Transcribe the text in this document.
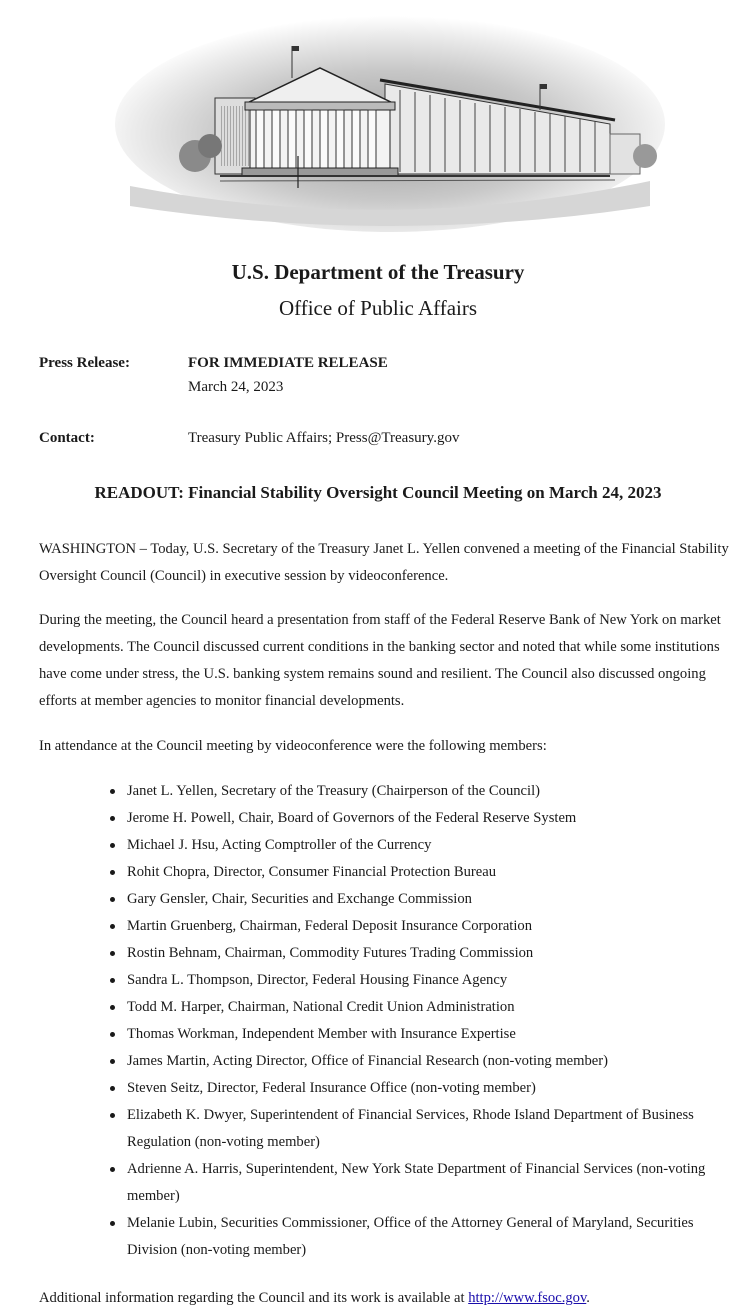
U.S. Department of the Treasury
Office of Public Affairs
Press Release:	FOR IMMEDIATE RELEASE
March 24, 2023
Contact:	Treasury Public Affairs; Press@Treasury.gov
READOUT: Financial Stability Oversight Council Meeting on March 24, 2023

WASHINGTON – Today, U.S. Secretary of the Treasury Janet L. Yellen convened a meeting of the Financial Stability Oversight Council (Council) in executive session by videoconference.

During the meeting, the Council heard a presentation from staff of the Federal Reserve Bank of New York on market developments. The Council discussed current conditions in the banking sector and noted that while some institutions have come under stress, the U.S. banking system remains sound and resilient. The Council also discussed ongoing efforts at member agencies to monitor financial developments.

In attendance at the Council meeting by videoconference were the following members:

Janet L. Yellen, Secretary of the Treasury (Chairperson of the Council)
Jerome H. Powell, Chair, Board of Governors of the Federal Reserve System
Michael J. Hsu, Acting Comptroller of the Currency
Rohit Chopra, Director, Consumer Financial Protection Bureau
Gary Gensler, Chair, Securities and Exchange Commission
Martin Gruenberg, Chairman, Federal Deposit Insurance Corporation
Rostin Behnam, Chairman, Commodity Futures Trading Commission
Sandra L. Thompson, Director, Federal Housing Finance Agency
Todd M. Harper, Chairman, National Credit Union Administration
Thomas Workman, Independent Member with Insurance Expertise
James Martin, Acting Director, Office of Financial Research (non-voting member)
Steven Seitz, Director, Federal Insurance Office (non-voting member)
Elizabeth K. Dwyer, Superintendent of Financial Services, Rhode Island Department of Business Regulation (non-voting member)
Adrienne A. Harris, Superintendent, New York State Department of Financial Services (non-voting member)
Melanie Lubin, Securities Commissioner, Office of the Attorney General of Maryland, Securities Division (non-voting member)

Additional information regarding the Council and its work is available at http://www.fsoc.gov.
